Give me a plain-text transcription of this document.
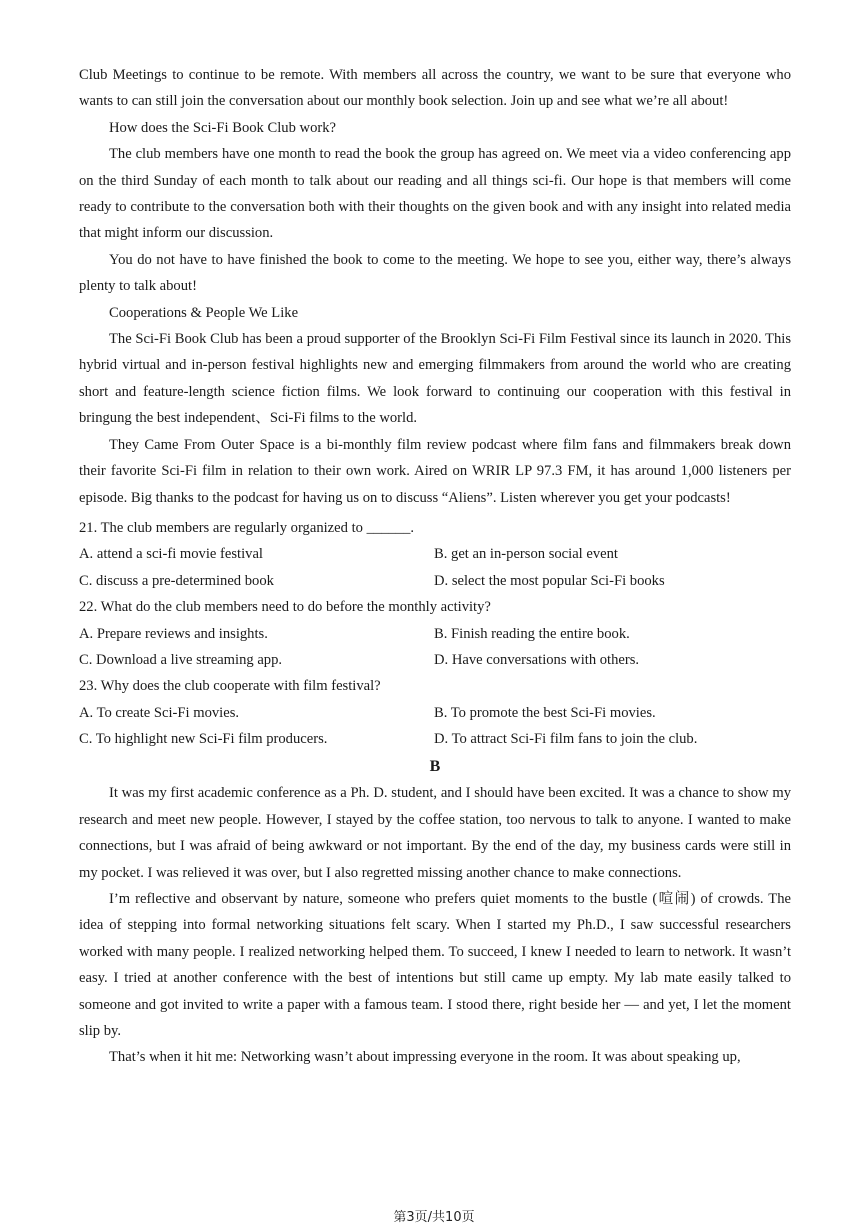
Club Meetings to continue to be remote. With members all across the country, we want to be sure that everyone who wants to can still join the conversation about our monthly book selection. Join up and see what we’re all about!

How does the Sci-Fi Book Club work?

The club members have one month to read the book the group has agreed on. We meet via a video conferencing app on the third Sunday of each month to talk about our reading and all things sci-fi. Our hope is that members will come ready to contribute to the conversation both with their thoughts on the given book and with any insight into related media that might inform our discussion.

You do not have to have finished the book to come to the meeting. We hope to see you, either way, there’s always plenty to talk about!

Cooperations & People We Like

The Sci-Fi Book Club has been a proud supporter of the Brooklyn Sci-Fi Film Festival since its launch in 2020. This hybrid virtual and in-person festival highlights new and emerging filmmakers from around the world who are creating short and feature-length science fiction films. We look forward to continuing our cooperation with this festival in bringung the best independent、Sci-Fi films to the world.

They Came From Outer Space is a bi-monthly film review podcast where film fans and filmmakers break down their favorite Sci-Fi film in relation to their own work. Aired on WRIR LP 97.3 FM, it has around 1,000 listeners per episode. Big thanks to the podcast for having us on to discuss “Aliens”. Listen wherever you get your podcasts!

21. The club members are regularly organized to ______.

A. attend a sci-fi movie festival	B. get an in-person social event
C. discuss a pre-determined book	D. select the most popular Sci-Fi books

22. What do the club members need to do before the monthly activity?

A. Prepare reviews and insights.	B. Finish reading the entire book.
C. Download a live streaming app.	D. Have conversations with others.

23. Why does the club cooperate with film festival?

A. To create Sci-Fi movies.	B. To promote the best Sci-Fi movies.
C. To highlight new Sci-Fi film producers.	D. To attract Sci-Fi film fans to join the club.

B

It was my first academic conference as a Ph. D. student, and I should have been excited. It was a chance to show my research and meet new people. However, I stayed by the coffee station, too nervous to talk to anyone. I wanted to make connections, but I was afraid of being awkward or not important. By the end of the day, my business cards were still in my pocket. I was relieved it was over, but I also regretted missing another chance to make connections.

I’m reflective and observant by nature, someone who prefers quiet moments to the bustle (喧闹) of crowds. The idea of stepping into formal networking situations felt scary. When I started my Ph.D., I saw successful researchers worked with many people. I realized networking helped them. To succeed, I knew I needed to learn to network. It wasn’t easy. I tried at another conference with the best of intentions but still came up empty. My lab mate easily talked to someone and got invited to write a paper with a famous team. I stood there, right beside her — and yet, I let the moment slip by.

That’s when it hit me: Networking wasn’t about impressing everyone in the room. It was about speaking up,

第3页/共10页
